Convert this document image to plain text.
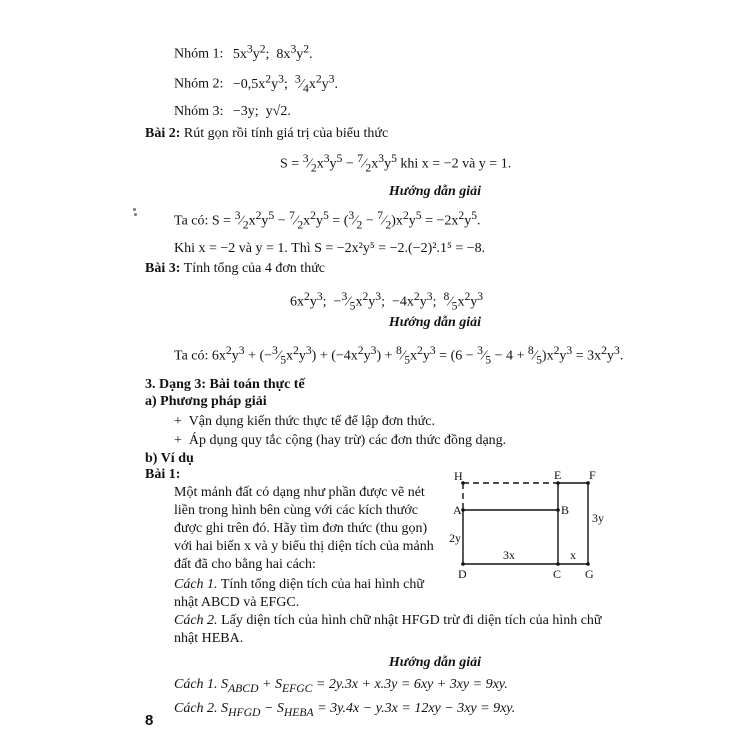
Nhóm 1: $5x^3y^2$;  $8x^3y^2$.
Nhóm 2: $-0,5x^2y^3$;  $^3⁄_4x^2y^3$.
Nhóm 3: −3y;  y√2.
Bài 2: Rút gọn rồi tính giá trị của biểu thức
$S = ^3⁄_2x^3y^5$ − $^7⁄_2x^3y^5$ khi x = −2 và y = 1.
Hướng dẫn giải
Ta có: $S = ^3⁄_2x^2y^5$ − $^7⁄_2x^2y^5$ = ($^3⁄_2$ − $^7⁄_2)x^2y^5 = -2x^2y^5$.
Khi x = −2 và y = 1. Thì S = −2x²y⁵ = −2.(−2)².1⁵ = −8.
Bài 3: Tính tổng của 4 đơn thức
$6x^2y^3$;  $-^3⁄_5x^2y^3$;  $-4x^2y^3$;  $^8⁄_5x^2y^3$
Hướng dẫn giải
Ta có: $6x^2y^3$ + $(-^3⁄_5x^2y^3) + (-4x^2y^3)$ + $^8⁄_5x^2y^3 = (6$ − $^3⁄_5 - 4$ + $^8⁄_5)x^2y^3 = 3x^2y^3$.
3. Dạng 3: Bài toán thực tế
a) Phương pháp giải
+ Vận dụng kiến thức thực tế để lập đơn thức.
+ Áp dụng quy tắc cộng (hay trừ) các đơn thức đồng dạng.
b) Ví dụ
Bài 1:
Một mảnh đất có dạng như phần được vẽ nét
liền trong hình bên cùng với các kích thước
được ghi trên đó. Hãy tìm đơn thức (thu gọn)
với hai biến x và y biểu thị diện tích của mảnh
đất đã cho bằng hai cách:
Cách 1. Tính tổng diện tích của hai hình chữ
nhật ABCD và EFGC.
Cách 2. Lấy diện tích của hình chữ nhật HFGD trừ đi diện tích của hình chữ
nhật HEBA.
Hướng dẫn giải
Cách 1. $S_{ABCD} + S_{EFGC} = 2y.3x + x.3y = 6xy + 3xy = 9xy$.
Cách 2. $S_{HFGD} - S_{HEBA} = 3y.4x - y.3x = 12xy - 3xy = 9xy$.
H	E F
A	B
D	C G
3x	x
2y
3y
8
